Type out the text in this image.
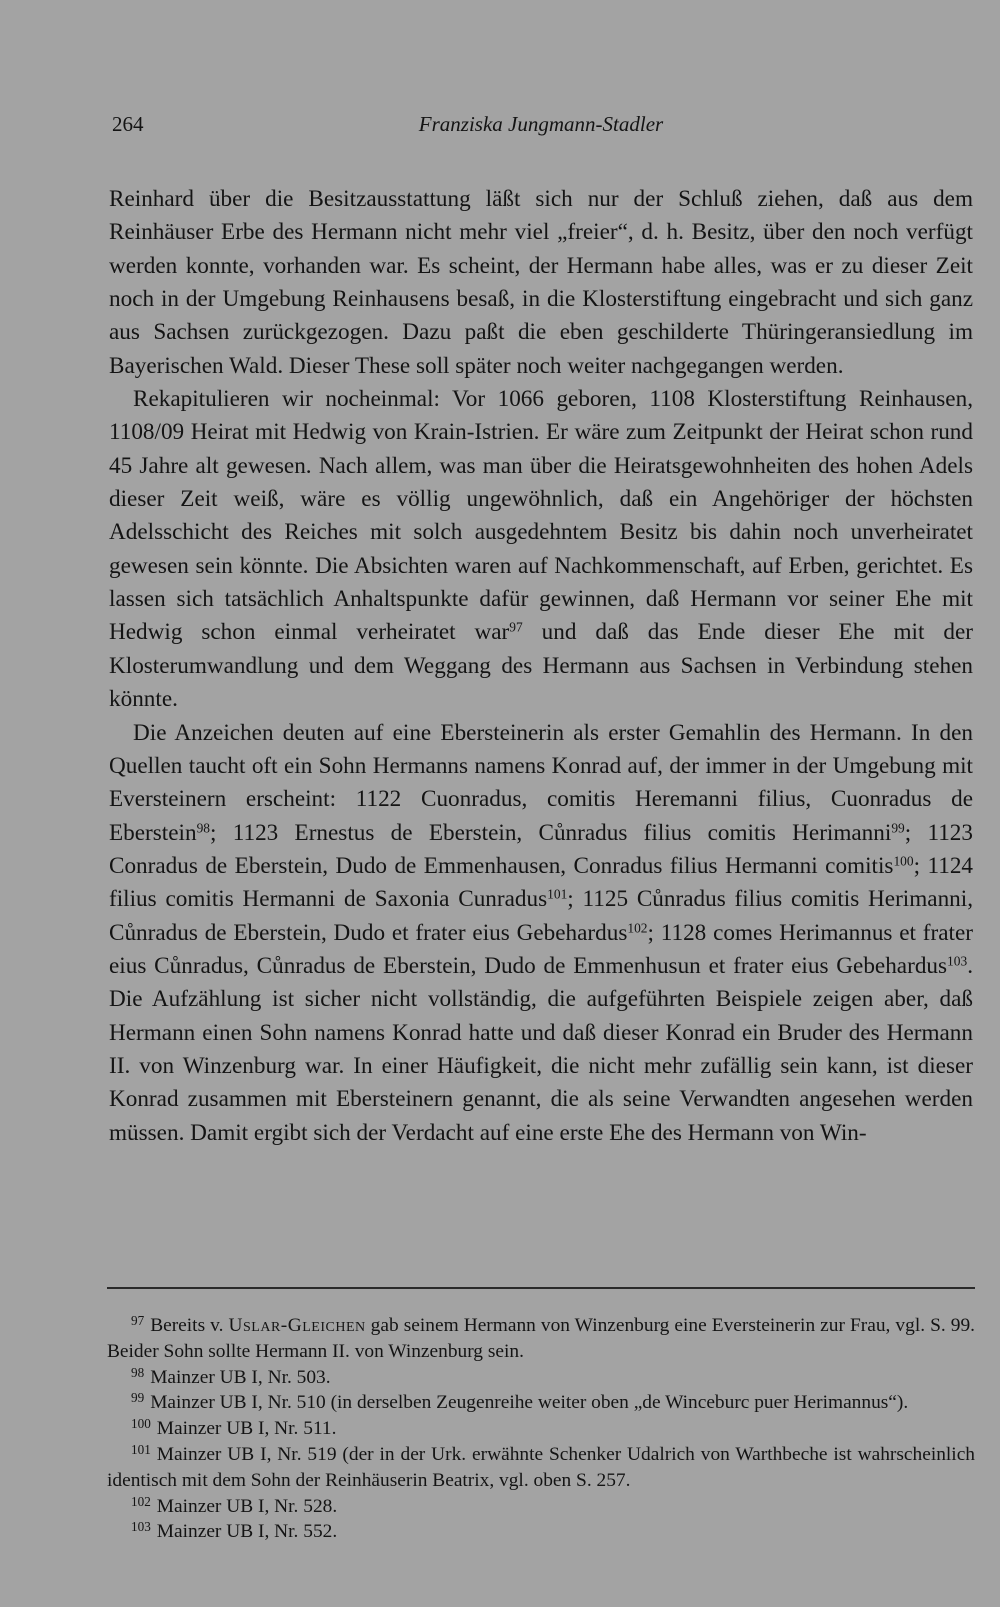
264	Franziska Jungmann-Stadler

Reinhard über die Besitzausstattung läßt sich nur der Schluß ziehen, daß aus dem Reinhäuser Erbe des Hermann nicht mehr viel „freier“, d. h. Besitz, über den noch verfügt werden konnte, vorhanden war. Es scheint, der Hermann habe alles, was er zu dieser Zeit noch in der Umgebung Reinhausens besaß, in die Klosterstiftung eingebracht und sich ganz aus Sachsen zurückgezogen. Dazu paßt die eben geschilderte Thüringeransiedlung im Bayerischen Wald. Dieser These soll später noch weiter nachgegangen werden.

Rekapitulieren wir nocheinmal: Vor 1066 geboren, 1108 Klosterstiftung Reinhausen, 1108/09 Heirat mit Hedwig von Krain-Istrien. Er wäre zum Zeitpunkt der Heirat schon rund 45 Jahre alt gewesen. Nach allem, was man über die Heiratsgewohnheiten des hohen Adels dieser Zeit weiß, wäre es völlig ungewöhnlich, daß ein Angehöriger der höchsten Adelsschicht des Reiches mit solch ausgedehntem Besitz bis dahin noch unverheiratet gewesen sein könnte. Die Absichten waren auf Nachkommenschaft, auf Erben, gerichtet. Es lassen sich tatsächlich Anhaltspunkte dafür gewinnen, daß Hermann vor seiner Ehe mit Hedwig schon einmal verheiratet war$^{97}$ und daß das Ende dieser Ehe mit der Klosterumwandlung und dem Weggang des Hermann aus Sachsen in Verbindung stehen könnte.

Die Anzeichen deuten auf eine Ebersteinerin als erster Gemahlin des Hermann. In den Quellen taucht oft ein Sohn Hermanns namens Konrad auf, der immer in der Umgebung mit Eversteinern erscheint: 1122 Cuonradus, comitis Heremanni filius, Cuonradus de Eberstein$^{98}$; 1123 Ernestus de Eberstein, Cůnradus filius comitis Herimanni$^{99}$; 1123 Conradus de Eberstein, Dudo de Emmenhausen, Conradus filius Hermanni comitis$^{100}$; 1124 filius comitis Hermanni de Saxonia Cunradus$^{101}$; 1125 Cůnradus filius comitis Herimanni, Cůnradus de Eberstein, Dudo et frater eius Gebehardus$^{102}$; 1128 comes Herimannus et frater eius Cůnradus, Cůnradus de Eberstein, Dudo de Emmenhusun et frater eius Gebehardus$^{103}$. Die Aufzählung ist sicher nicht vollständig, die aufgeführten Beispiele zeigen aber, daß Hermann einen Sohn namens Konrad hatte und daß dieser Konrad ein Bruder des Hermann II. von Winzenburg war. In einer Häufigkeit, die nicht mehr zufällig sein kann, ist dieser Konrad zusammen mit Ebersteinern genannt, die als seine Verwandten angesehen werden müssen. Damit ergibt sich der Verdacht auf eine erste Ehe des Hermann von Win-

$^{97}$ Bereits v. Uslar-Gleichen gab seinem Hermann von Winzenburg eine Eversteinerin zur Frau, vgl. S. 99. Beider Sohn sollte Hermann II. von Winzenburg sein.

$^{98}$ Mainzer UB I, Nr. 503.

$^{99}$ Mainzer UB I, Nr. 510 (in derselben Zeugenreihe weiter oben „de Winceburc puer Herimannus“).

$^{100}$ Mainzer UB I, Nr. 511.

$^{101}$ Mainzer UB I, Nr. 519 (der in der Urk. erwähnte Schenker Udalrich von Warthbeche ist wahrscheinlich identisch mit dem Sohn der Reinhäuserin Beatrix, vgl. oben S. 257.

$^{102}$ Mainzer UB I, Nr. 528.

$^{103}$ Mainzer UB I, Nr. 552.
